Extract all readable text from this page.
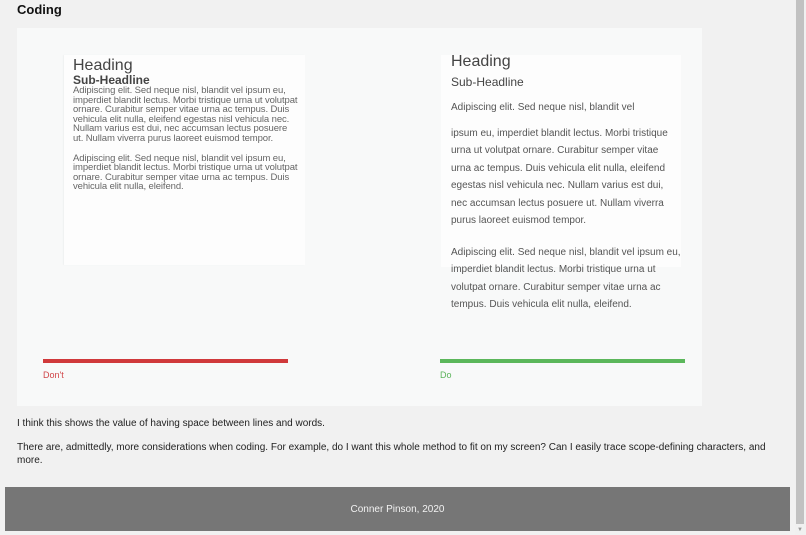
Coding
Heading
Sub-Headline

Adipiscing elit. Sed neque nisl, blandit vel ipsum eu, imperdiet blandit lectus. Morbi tristique urna ut volutpat ornare. Curabitur semper vitae urna ac tempus. Duis vehicula elit nulla, eleifend egestas nisl vehicula nec. Nullam varius est dui, nec accumsan lectus posuere ut. Nullam viverra purus laoreet euismod tempor.

Adipiscing elit. Sed neque nisl, blandit vel ipsum eu, imperdiet blandit lectus. Morbi tristique urna ut volutpat ornare. Curabitur semper vitae urna ac tempus. Duis vehicula elit nulla, eleifend.

Heading
Sub-Headline

Adipiscing elit. Sed neque nisl, blandit vel

ipsum eu, imperdiet blandit lectus. Morbi tristique urna ut volutpat ornare. Curabitur semper vitae urna ac tempus. Duis vehicula elit nulla, eleifend egestas nisl vehicula nec. Nullam varius est dui, nec accumsan lectus posuere ut. Nullam viverra purus laoreet euismod tempor.

Adipiscing elit. Sed neque nisl, blandit vel ipsum eu, imperdiet blandit lectus. Morbi tristique urna ut volutpat ornare. Curabitur semper vitae urna ac tempus. Duis vehicula elit nulla, eleifend.

Don't	Do
I think this shows the value of having space between lines and words.
There are, admittedly, more considerations when coding. For example, do I want this whole method to fit on my screen? Can I easily trace scope-defining characters, and more.
Conner Pinson, 2020
▼
